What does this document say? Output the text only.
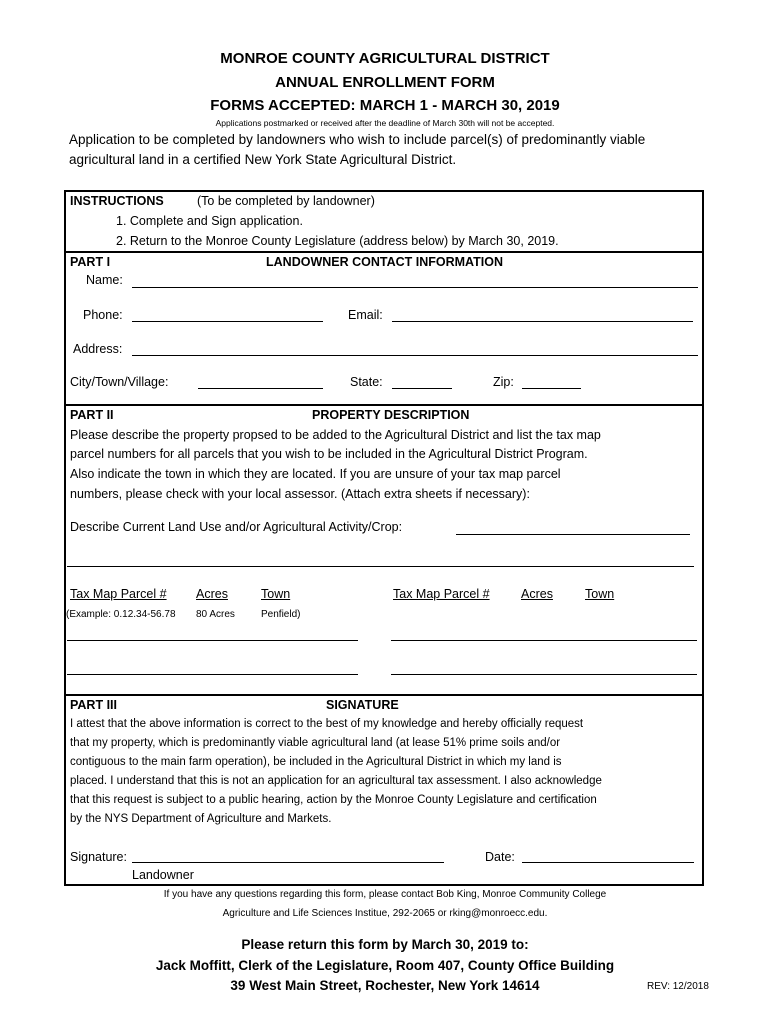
MONROE COUNTY AGRICULTURAL DISTRICT
ANNUAL ENROLLMENT FORM
FORMS ACCEPTED: MARCH 1 - MARCH 30, 2019
Applications postmarked or received after the deadline of March 30th will not be accepted.
Application to be completed by landowners who wish to include parcel(s) of predominantly viable
agricultural land in a certified New York State Agricultural District.
INSTRUCTIONS	(To be completed by landowner)
1. Complete and Sign application.
2. Return to the Monroe County Legislature (address below) by March 30, 2019.
PART I	LANDOWNER CONTACT INFORMATION
Name:
Phone:	Email:
Address:
City/Town/Village:	State:	Zip:
PART II	PROPERTY DESCRIPTION
Please describe the property propsed to be added to the Agricultural District and list the tax map
parcel numbers for all parcels that you wish to be included in the Agricultural District Program.
Also indicate the town in which they are located. If you are unsure of your tax map parcel
numbers, please check with your local assessor. (Attach extra sheets if necessary):
Describe Current Land Use and/or Agricultural Activity/Crop:
Tax Map Parcel # Acres	Town	Tax Map Parcel #	Acres	Town
(Example: 0.12.34-56.78 80 Acres	Penfield)
PART III	SIGNATURE
I attest that the above information is correct to the best of my knowledge and hereby officially request
that my property, which is predominantly viable agricultural land (at lease 51% prime soils and/or
contiguous to the main farm operation), be included in the Agricultural District in which my land is
placed. I understand that this is not an application for an agricultural tax assessment. I also acknowledge
that this request is subject to a public hearing, action by the Monroe County Legislature and certification
by the NYS Department of Agriculture and Markets.
Signature:	Date:
Landowner
If you have any questions regarding this form, please contact Bob King, Monroe Community College
Agriculture and Life Sciences Institue, 292-2065 or rking@monroecc.edu.
Please return this form by March 30, 2019 to:
Jack Moffitt, Clerk of the Legislature, Room 407, County Office Building
39 West Main Street, Rochester, New York 14614	REV: 12/2018
